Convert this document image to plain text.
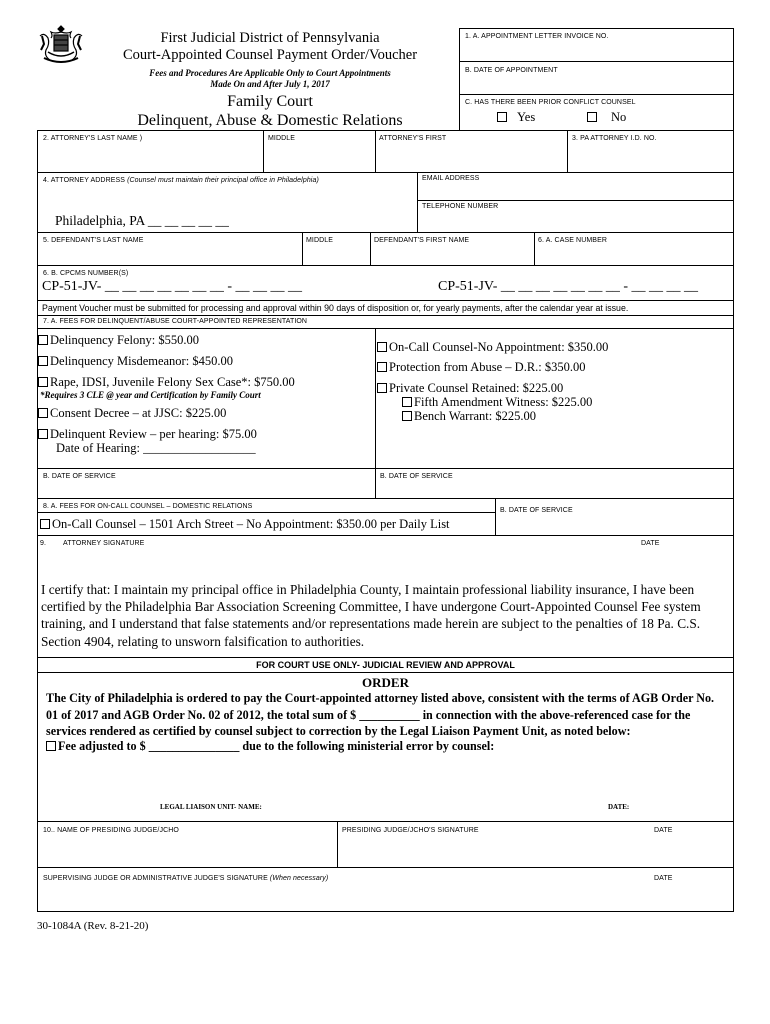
First Judicial District of Pennsylvania
Court-Appointed Counsel Payment Order/Voucher
Fees and Procedures Are Applicable Only to Court Appointments
Made On and After July 1, 2017
Family Court
Delinquent, Abuse & Domestic Relations
1. A. APPOINTMENT LETTER INVOICE NO.
B. DATE OF APPOINTMENT
C. HAS THERE BEEN PRIOR CONFLICT COUNSEL
Yes	No
2. ATTORNEY'S LAST NAME )	MIDDLE	ATTORNEY'S FIRST	3. PA ATTORNEY I.D. NO.
4. ATTORNEY ADDRESS (Counsel must maintain their principal office in Philadelphia)	EMAIL ADDRESS
TELEPHONE NUMBER
Philadelphia, PA __ __ __ __ __
5. DEFENDANT'S LAST NAME	MIDDLE	DEFENDANT'S FIRST NAME	6. A. CASE NUMBER
6. B. CPCMS NUMBER(S)
CP-51-JV- __ __ __ __ __ __ __ - __ __ __ __	CP-51-JV- __ __ __ __ __ __ __ - __ __ __ __
Payment Voucher must be submitted for processing and approval within 90 days of disposition or, for yearly payments, after the calendar year at issue.
7. A. FEES FOR DELINQUENT/ABUSE COURT-APPOINTED REPRESENTATION
Delinquency Felony: $550.00
Delinquency Misdemeanor: $450.00
Rape, IDSI, Juvenile Felony Sex Case*: $750.00
*Requires 3 CLE @ year and Certification by Family Court
Consent Decree – at JJSC: $225.00
Delinquent Review – per hearing: $75.00
Date of Hearing: __________________
On-Call Counsel-No Appointment: $350.00
Protection from Abuse – D.R.: $350.00
Private Counsel Retained: $225.00
Fifth Amendment Witness: $225.00
Bench Warrant: $225.00
B. DATE OF SERVICE	B. DATE OF SERVICE
8. A. FEES FOR ON-CALL COUNSEL – DOMESTIC RELATIONS
B. DATE OF SERVICE
On-Call Counsel – 1501 Arch Street – No Appointment: $350.00 per Daily List
9. ATTORNEY SIGNATURE	DATE
I certify that: I maintain my principal office in Philadelphia County, I maintain professional liability insurance, I have been certified by the Philadelphia Bar Association Screening Committee, I have undergone Court-Appointed Counsel Fee system training, and I understand that false statements and/or representations made herein are subject to the penalties of 18 Pa. C.S. Section 4904, relating to unsworn falsification to authorities.
FOR COURT USE ONLY- JUDICIAL REVIEW AND APPROVAL
ORDER
The City of Philadelphia is ordered to pay the Court-appointed attorney listed above, consistent with the terms of AGB Order No. 01 of 2017 and AGB Order No. 02 of 2012, the total sum of $ __________ in connection with the above-referenced case for the services rendered as certified by counsel subject to correction by the Legal Liaison Payment Unit, as noted below:
Fee adjusted to $ _______________ due to the following ministerial error by counsel:
LEGAL LIAISON UNIT- NAME:	DATE:
10.. NAME OF PRESIDING JUDGE/JCHO	PRESIDING JUDGE/JCHO'S SIGNATURE	DATE
SUPERVISING JUDGE OR ADMINISTRATIVE JUDGE'S SIGNATURE (When necessary)	DATE
30-1084A (Rev. 8-21-20)
